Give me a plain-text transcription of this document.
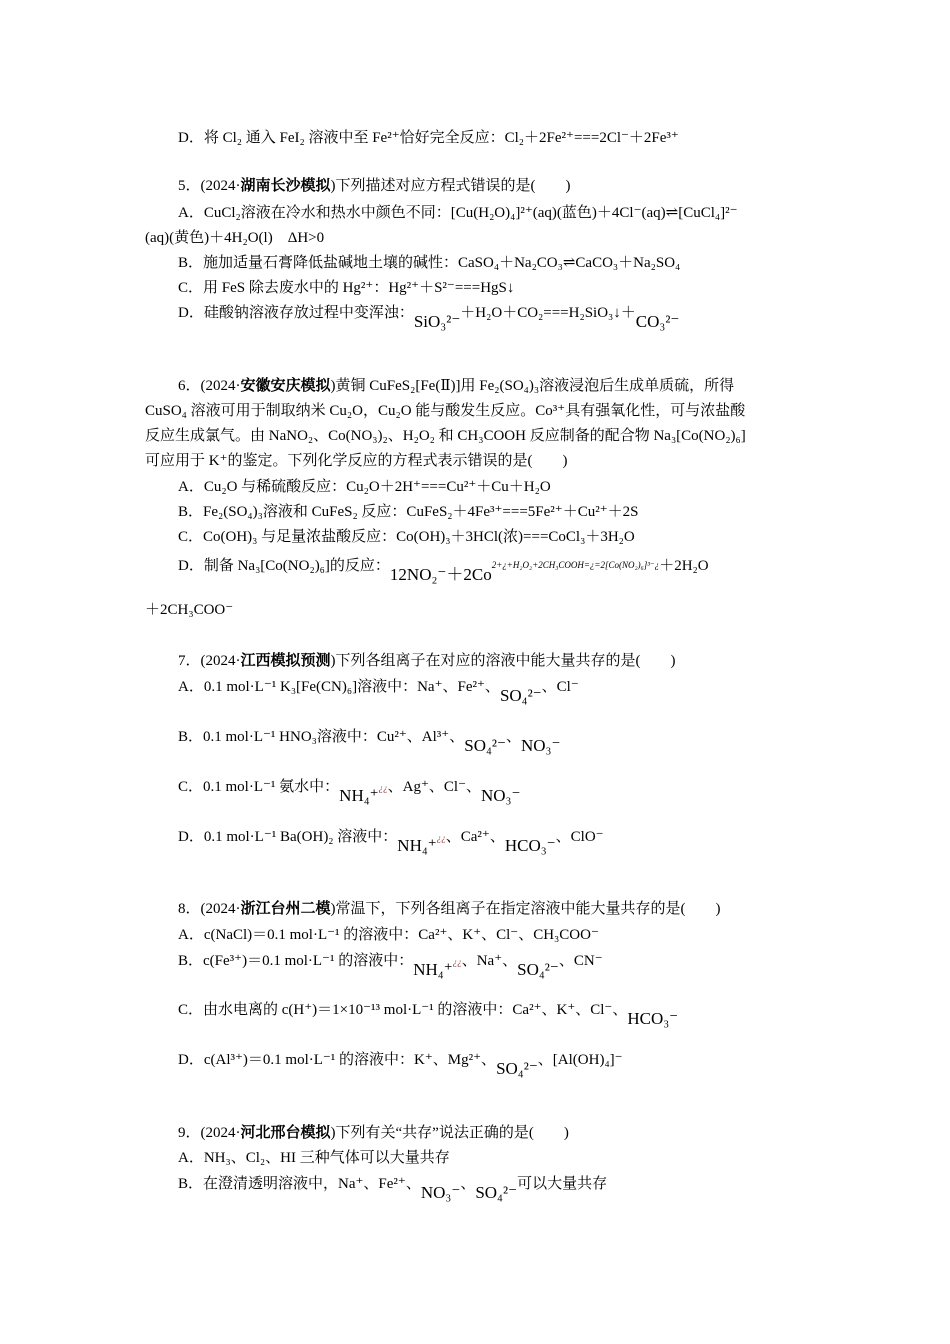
D．将 Cl₂ 通入 FeI₂ 溶液中至 Fe²⁺恰好完全反应：Cl₂＋2Fe²⁺===2Cl⁻＋2Fe³⁺
5．(2024·湖南长沙模拟)下列描述对应方程式错误的是(　　)
A．CuCl₂溶液在冷水和热水中颜色不同：[Cu(H₂O)₄]²⁺(aq)(蓝色)＋4Cl⁻(aq)⇌[CuCl₄]²⁻
(aq)(黄色)＋4H₂O(l)　ΔH>0
B．施加适量石膏降低盐碱地土壤的碱性：CaSO₄＋Na₂CO₃⇌CaCO₃＋Na₂SO₄
C．用 FeS 除去废水中的 Hg²⁺：Hg²⁺＋S²⁻===HgS↓
D．硅酸钠溶液存放过程中变浑浊：SiO₃²⁻＋H₂O＋CO₂===H₂SiO₃↓＋CO₃²⁻
6．(2024·安徽安庆模拟)黄铜 CuFeS₂[Fe(Ⅱ)]用 Fe₂(SO₄)₃溶液浸泡后生成单质硫，所得
CuSO₄ 溶液可用于制取纳米 Cu₂O，Cu₂O 能与酸发生反应。Co³⁺具有强氧化性，可与浓盐酸
反应生成氯气。由 NaNO₂、Co(NO₃)₂、H₂O₂ 和 CH₃COOH 反应制备的配合物 Na₃[Co(NO₂)₆]
可应用于 K⁺的鉴定。下列化学反应的方程式表示错误的是(　　)
A．Cu₂O 与稀硫酸反应：Cu₂O＋2H⁺===Cu²⁺＋Cu＋H₂O
B．Fe₂(SO₄)₃溶液和 CuFeS₂ 反应：CuFeS₂＋4Fe³⁺===5Fe²⁺＋Cu²⁺＋2S
C．Co(OH)₃ 与足量浓盐酸反应：Co(OH)₃＋3HCl(浓)===CoCl₃＋3H₂O
D．制备 Na₃[Co(NO₂)₆]的反应：12NO₂⁻＋2Co2+¿+H₂O₂+2CH₃COOH=¿=2[Co(NO₂)₆]³⁻¿＋2H₂O
＋2CH₃COO⁻
7．(2024·江西模拟预测)下列各组离子在对应的溶液中能大量共存的是(　　)
A．0.1 mol·L⁻¹ K₃[Fe(CN)₆]溶液中：Na⁺、Fe²⁺、SO₄²⁻、Cl⁻
B．0.1 mol·L⁻¹ HNO₃溶液中：Cu²⁺、Al³⁺、SO₄²⁻、NO₃⁻
C．0.1 mol·L⁻¹ 氨水中：NH₄⁺¿¿、Ag⁺、Cl⁻、NO₃⁻
D．0.1 mol·L⁻¹ Ba(OH)₂ 溶液中：NH₄⁺¿¿、Ca²⁺、HCO₃⁻、ClO⁻
8．(2024·浙江台州二模)常温下，下列各组离子在指定溶液中能大量共存的是(　　)
A．c(NaCl)＝0.1 mol·L⁻¹ 的溶液中：Ca²⁺、K⁺、Cl⁻、CH₃COO⁻
B．c(Fe³⁺)＝0.1 mol·L⁻¹ 的溶液中：NH₄⁺¿¿、Na⁺、SO₄²⁻、CN⁻
C．由水电离的 c(H⁺)＝1×10⁻¹³ mol·L⁻¹ 的溶液中：Ca²⁺、K⁺、Cl⁻、HCO₃⁻
D．c(Al³⁺)＝0.1 mol·L⁻¹ 的溶液中：K⁺、Mg²⁺、SO₄²⁻、[Al(OH)₄]⁻
9．(2024·河北邢台模拟)下列有关“共存”说法正确的是(　　)
A．NH₃、Cl₂、HI 三种气体可以大量共存
B．在澄清透明溶液中，Na⁺、Fe²⁺、NO₃⁻、SO₄²⁻可以大量共存
